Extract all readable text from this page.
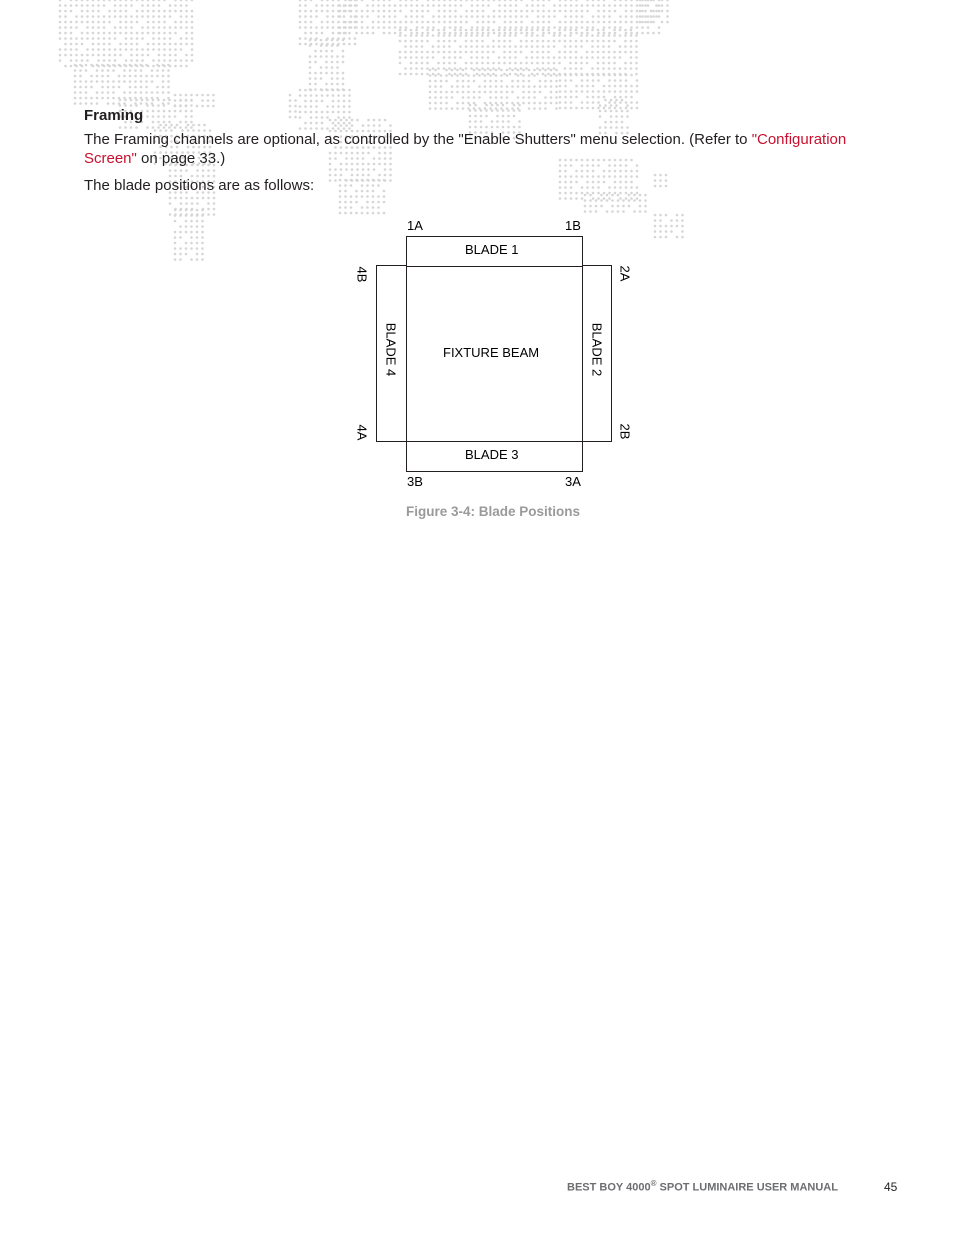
Framing

The Framing channels are optional, as controlled by the "Enable Shutters" menu selection. (Refer to "Configuration Screen" on page 33.)

The blade positions are as follows:

BLADE 1
BLADE 3
FIXTURE BEAM
BLADE 4	BLADE 2
1A	1B
3B	3A
4B
4A
2A
2B
Figure 3-4: Blade Positions
BEST BOY 4000® SPOT LUMINAIRE USER MANUAL	45
